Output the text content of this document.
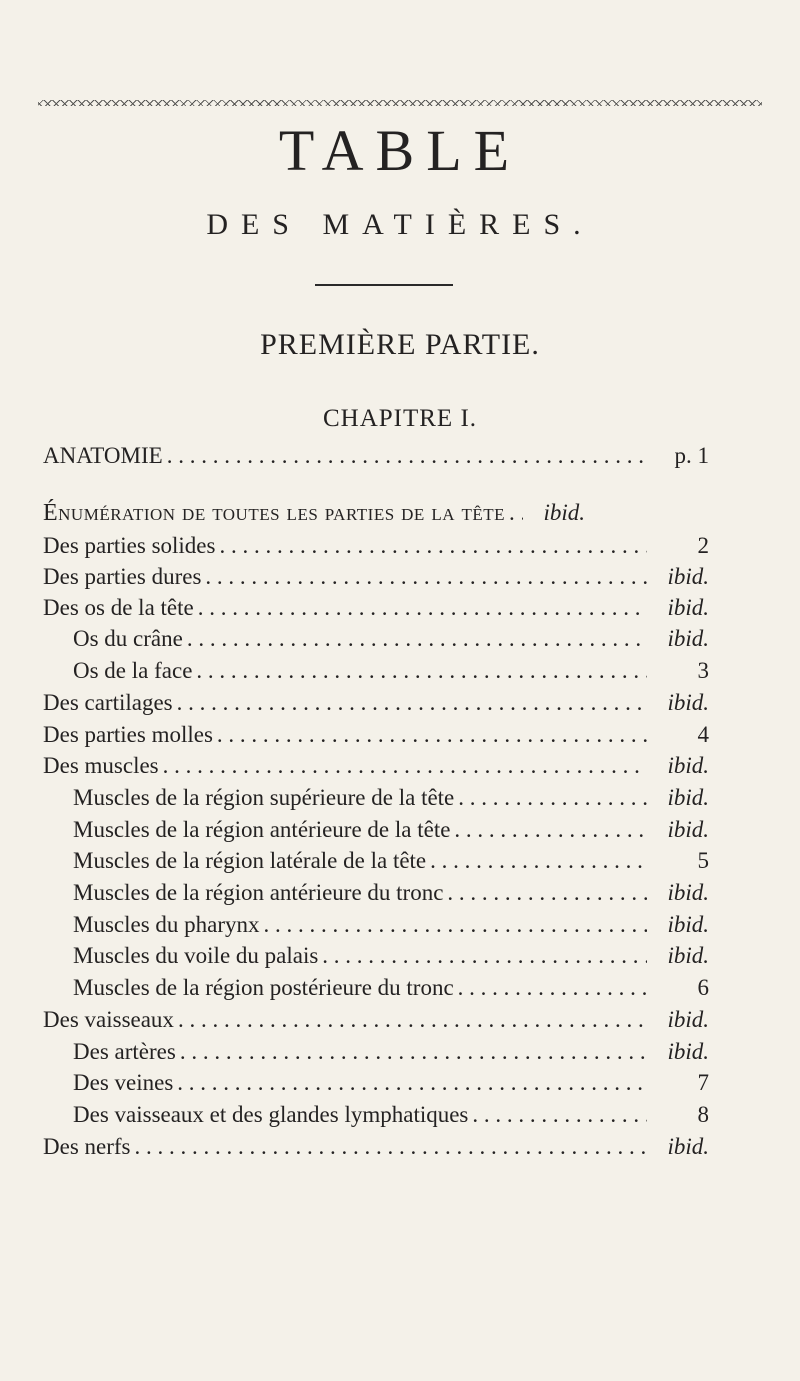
TABLE
DES MATIÈRES.
PREMIÈRE PARTIE.
CHAPITRE I.
ANATOMIE . . .	p. 1
Énumération de toutes les parties de la tête . . .	ibid.
Des parties solides . . .	2
Des parties dures . . .	ibid.
Des os de la tête . . .	ibid.
Os du crâne . . .	ibid.
Os de la face . . .	3
Des cartilages . . .	ibid.
Des parties molles . . .	4
Des muscles . . .	ibid.
Muscles de la région supérieure de la tête . . .	ibid.
Muscles de la région antérieure de la tête . . .	ibid.
Muscles de la région latérale de la tête . . .	5
Muscles de la région antérieure du tronc . . .	ibid.
Muscles du pharynx . . .	ibid.
Muscles du voile du palais . . .	ibid.
Muscles de la région postérieure du tronc . . .	6
Des vaisseaux . . .	ibid.
Des artères . . .	ibid.
Des veines . . .	7
Des vaisseaux et des glandes lymphatiques . . .	8
Des nerfs . . .	ibid.
